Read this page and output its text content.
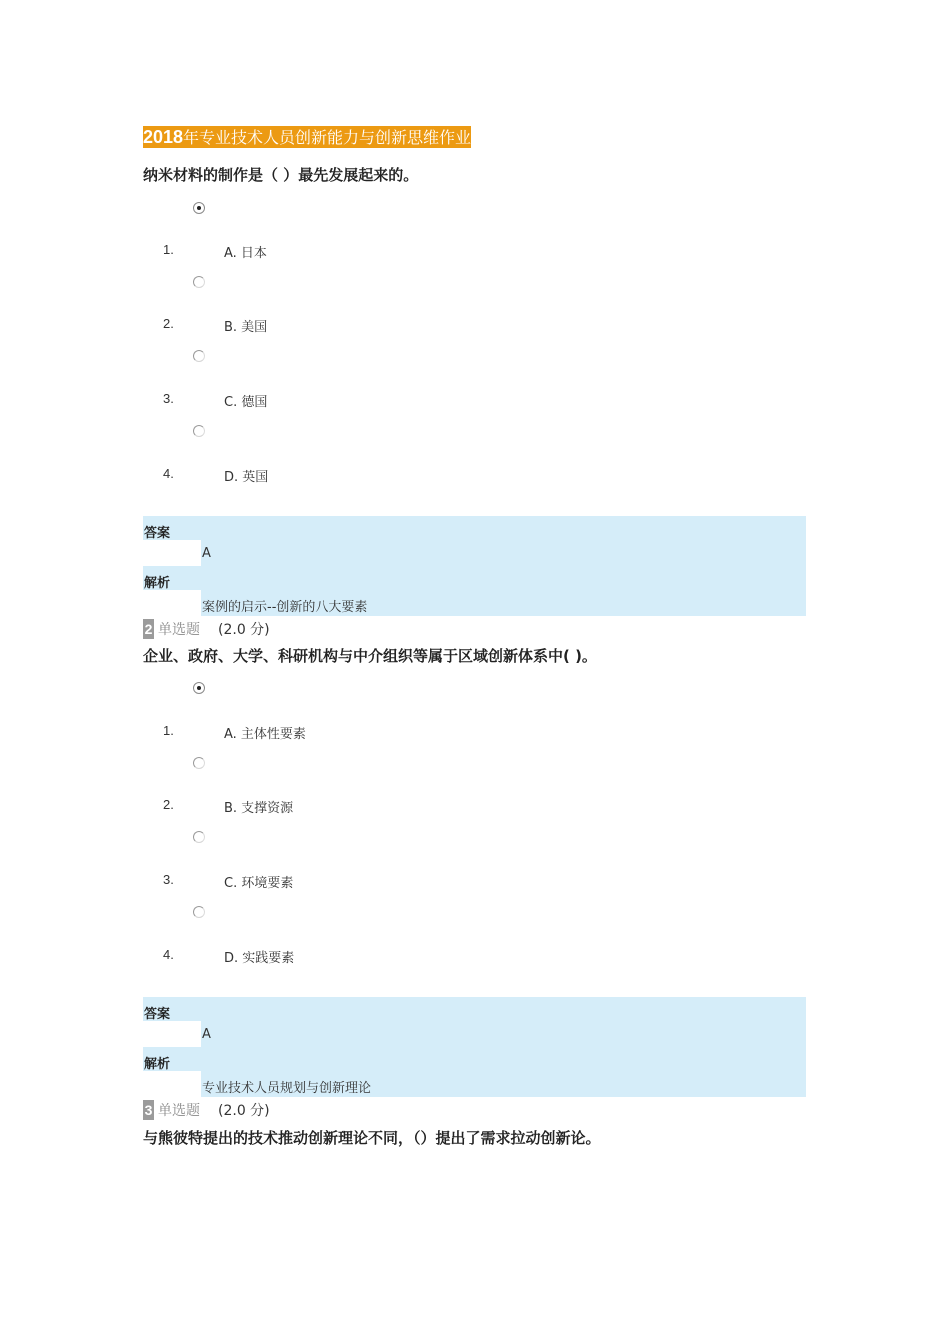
2018年专业技术人员创新能力与创新思维作业
纳米材料的制作是（ ）最先发展起来的。
1.	A. 日本
2.	B. 美国
3.	C. 德国
4.	D. 英国
答案
A
解析
案例的启示--创新的八大要素
2 单选题 (2.0 分)
企业、政府、大学、科研机构与中介组织等属于区域创新体系中( )。
1.	A. 主体性要素
2.	B. 支撑资源
3.	C. 环境要素
4.	D. 实践要素
答案
A
解析
专业技术人员规划与创新理论
3 单选题 (2.0 分)
与熊彼特提出的技术推动创新理论不同，（）提出了需求拉动创新论。
